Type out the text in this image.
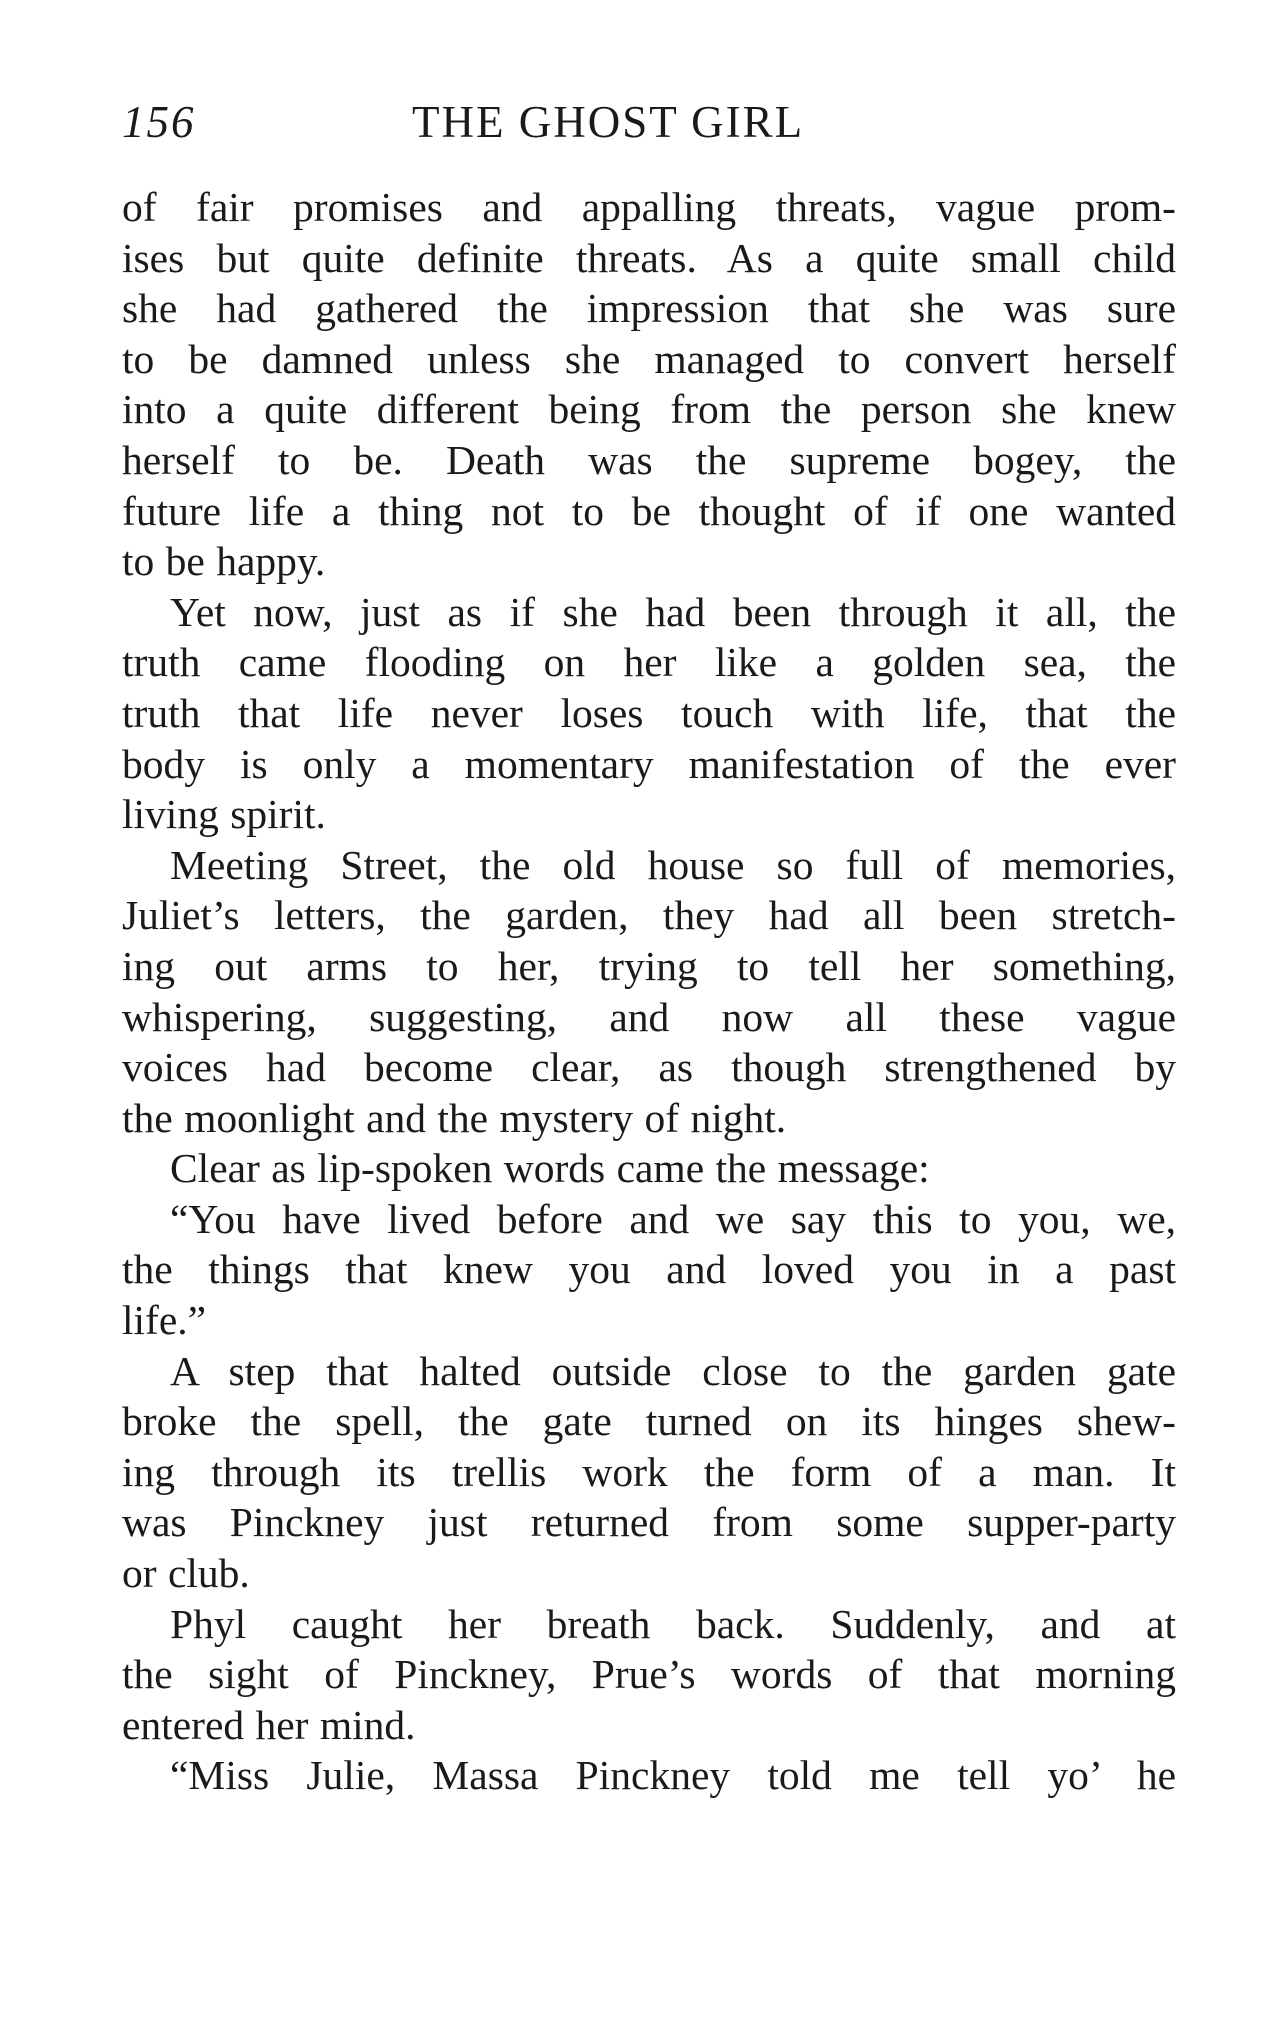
156	THE GHOST GIRL
of fair promises and appalling threats, vague prom-
ises but quite definite threats. As a quite small child
she had gathered the impression that she was sure
to be damned unless she managed to convert herself
into a quite different being from the person she knew
herself to be. Death was the supreme bogey, the
future life a thing not to be thought of if one wanted
to be happy.
Yet now, just as if she had been through it all, the
truth came flooding on her like a golden sea, the
truth that life never loses touch with life, that the
body is only a momentary manifestation of the ever
living spirit.
Meeting Street, the old house so full of memories,
Juliet’s letters, the garden, they had all been stretch-
ing out arms to her, trying to tell her something,
whispering, suggesting, and now all these vague
voices had become clear, as though strengthened by
the moonlight and the mystery of night.
Clear as lip-spoken words came the message:
“You have lived before and we say this to you, we,
the things that knew you and loved you in a past
life.”
A step that halted outside close to the garden gate
broke the spell, the gate turned on its hinges shew-
ing through its trellis work the form of a man. It
was Pinckney just returned from some supper-party
or club.
Phyl caught her breath back. Suddenly, and at
the sight of Pinckney, Prue’s words of that morning
entered her mind.
“Miss Julie, Massa Pinckney told me tell yo’ he
